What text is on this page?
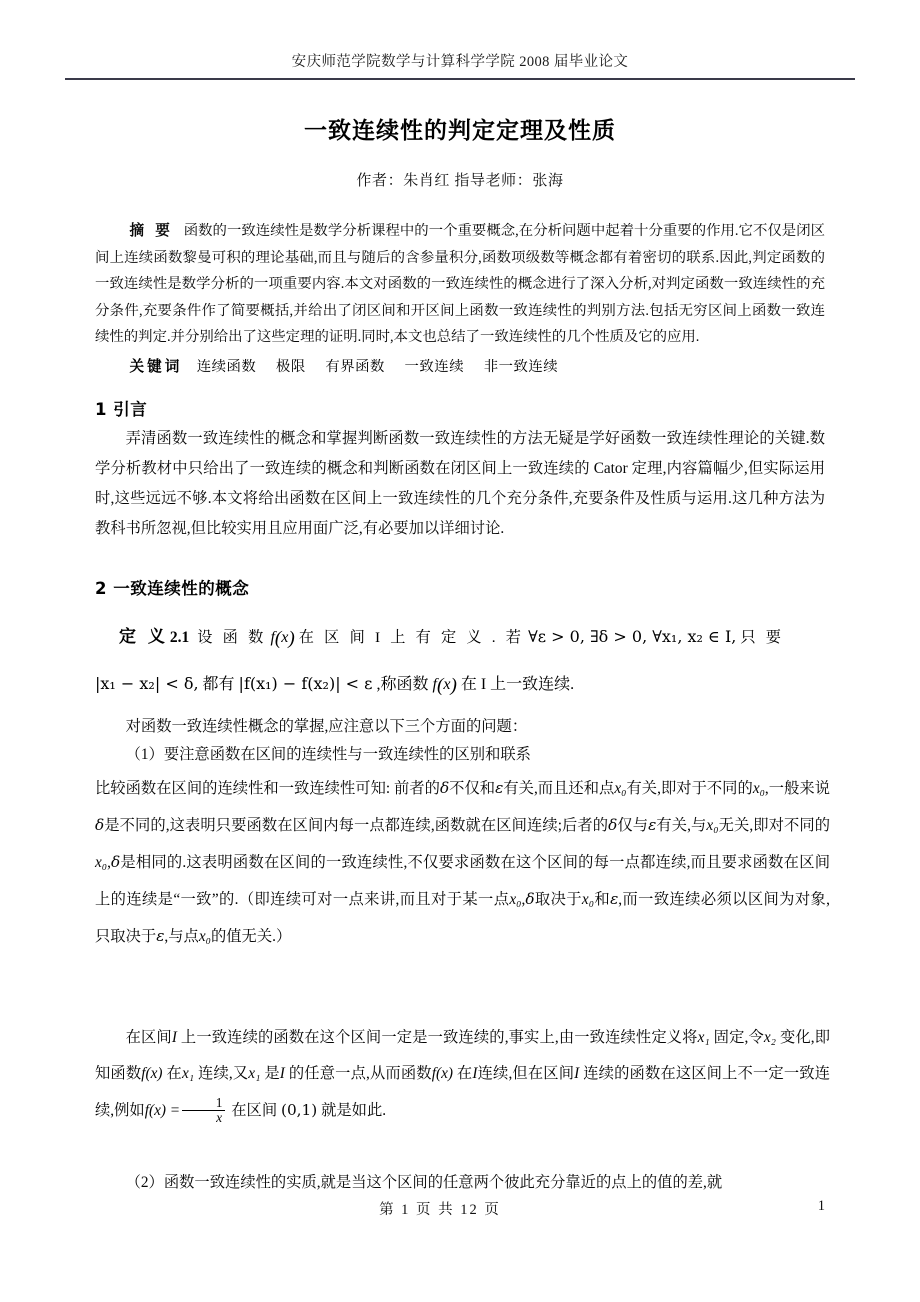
安庆师范学院数学与计算科学学院 2008 届毕业论文
一致连续性的判定定理及性质
作者：朱肖红 指导老师：张海

摘 要 函数的一致连续性是数学分析课程中的一个重要概念,在分析问题中起着十分重要的作用.它不仅是闭区间上连续函数黎曼可积的理论基础,而且与随后的含参量积分,函数项级数等概念都有着密切的联系.因此,判定函数的一致连续性是数学分析的一项重要内容.本文对函数的一致连续性的概念进行了深入分析,对判定函数一致连续性的充分条件,充要条件作了简要概括,并给出了闭区间和开区间上函数一致连续性的判别方法.包括无穷区间上函数一致连续性的判定.并分别给出了这些定理的证明.同时,本文也总结了一致连续性的几个性质及它的应用.

关键词 连续函数 极限 有界函数 一致连续 非一致连续
1 引言

弄清函数一致连续性的概念和掌握判断函数一致连续性的方法无疑是学好函数一致连续性理论的关键.数学分析教材中只给出了一致连续的概念和判断函数在闭区间上一致连续的 Cator 定理,内容篇幅少,但实际运用时,这些远远不够.本文将给出函数在区间上一致连续性的几个充分条件,充要条件及性质与运用.这几种方法为教科书所忽视,但比较实用且应用面广泛,有必要加以详细讨论.

2 一致连续性的概念
定 义 2.1 设 函 数 f(x) 在 区 间 I 上 有 定 义 . 若 ∀ε > 0, ∃δ > 0, ∀x₁, x₂ ∈ I, 只 要
|x₁ − x₂| < δ, 都有 |f(x₁) − f(x₂)| < ε ,称函数 f(x) 在 I 上一致连续.

对函数一致连续性概念的掌握,应注意以下三个方面的问题：

（1）要注意函数在区间的连续性与一致连续性的区别和联系

比较函数在区间的连续性和一致连续性可知: 前者的δ不仅和ε有关,而且还和点x₀有关,即对于不同的x₀,一般来说δ是不同的,这表明只要函数在区间内每一点都连续,函数就在区间连续;后者的δ仅与ε有关,与x₀无关,即对不同的x₀,δ是相同的.这表明函数在区间的一致连续性,不仅要求函数在这个区间的每一点都连续,而且要求函数在区间上的连续是“一致”的.（即连续可对一点来讲,而且对于某一点x₀,δ取决于x₀和ε,而一致连续必须以区间为对象, 只取决于ε,与点x₀的值无关.）
在区间I 上一致连续的函数在这个区间一定是一致连续的,事实上,由一致连续性定义将x₁ 固定,令x₂ 变化,即知函数f(x) 在x₁ 连续,又x₁ 是I 的任意一点,从而函数f(x) 在I连续,但在区间I 连续的函数在这区间上不一定一致连续,例如$f(x) = \frac{1}{x}$ 在区间 (0,1) 就是如此.

（2）函数一致连续性的实质,就是当这个区间的任意两个彼此充分靠近的点上的值的差,就

第 1 页 共 12 页	1
